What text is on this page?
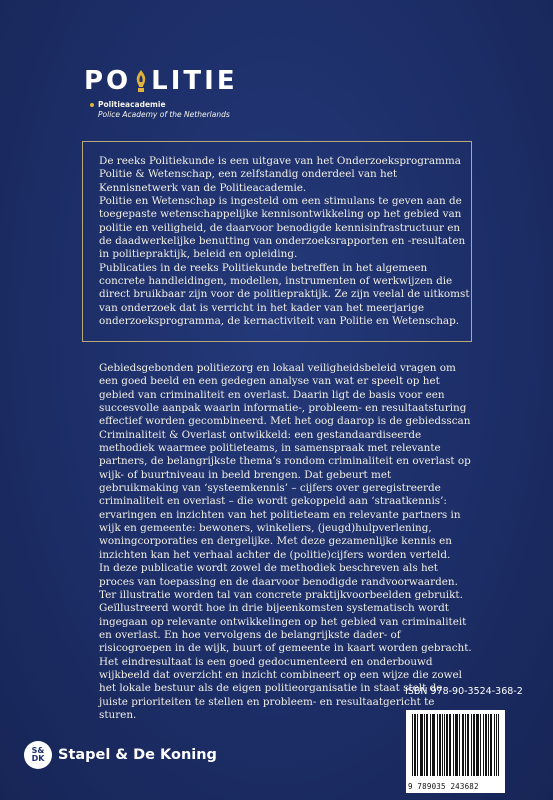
PO LITIE
Politieacademie
Police Academy of the Netherlands

De reeks Politiekunde is een uitgave van het Onderzoeksprogramma Politie & Wetenschap, een zelfstandig onderdeel van het Kennisnetwerk van de Politieacademie.

Politie en Wetenschap is ingesteld om een stimulans te geven aan de toegepaste wetenschappelijke kennisontwikkeling op het gebied van politie en veiligheid, de daarvoor benodigde kennisinfrastructuur en de daadwerkelijke benutting van onderzoeksrapporten en -resultaten in politiepraktijk, beleid en opleiding.

Publicaties in de reeks Politiekunde betreffen in het algemeen concrete handleidingen, modellen, instrumenten of werkwijzen die direct bruikbaar zijn voor de politiepraktijk. Ze zijn veelal de uitkomst van onderzoek dat is verricht in het kader van het meerjarige onderzoeksprogramma, de kernactiviteit van Politie en Wetenschap.

Gebiedsgebonden politiezorg en lokaal veiligheidsbeleid vragen om een goed beeld en een gedegen analyse van wat er speelt op het gebied van criminaliteit en overlast. Daarin ligt de basis voor een succesvolle aanpak waarin informatie-, probleem- en resultaatsturing effectief worden gecombineerd. Met het oog daarop is de gebiedsscan Criminaliteit & Overlast ontwikkeld: een gestandaardiseerde methodiek waarmee politieteams, in samenspraak met relevante partners, de belangrijkste thema’s rondom criminaliteit en overlast op wijk- of buurtniveau in beeld brengen. Dat gebeurt met gebruikmaking van ‘systeemkennis’ – cijfers over geregistreerde criminaliteit en overlast – die wordt gekoppeld aan ‘straatkennis’: ervaringen en inzichten van het politieteam en relevante partners in wijk en gemeente: bewoners, winkeliers, (jeugd)hulpverlening, woningcorporaties en dergelijke. Met deze gezamenlijke kennis en inzichten kan het verhaal achter de (politie)cijfers worden verteld.

In deze publicatie wordt zowel de methodiek beschreven als het proces van toepassing en de daarvoor benodigde randvoorwaarden. Ter illustratie worden tal van concrete praktijkvoorbeelden gebruikt.

Geïllustreerd wordt hoe in drie bijeenkomsten systematisch wordt ingegaan op relevante ontwikkelingen op het gebied van criminaliteit en overlast. En hoe vervolgens de belangrijkste dader- of risicogroepen in de wijk, buurt of gemeente in kaart worden gebracht. Het eindresultaat is een goed gedocumenteerd en onderbouwd wijkbeeld dat overzicht en inzicht combineert op een wijze die zowel het lokale bestuur als de eigen politieorganisatie in staat stelt de juiste prioriteiten te stellen en probleem- en resultaatgericht te sturen.

ISBN 978-90-3524-368-2
9 789035 243682
S&
DK Stapel & De Koning
